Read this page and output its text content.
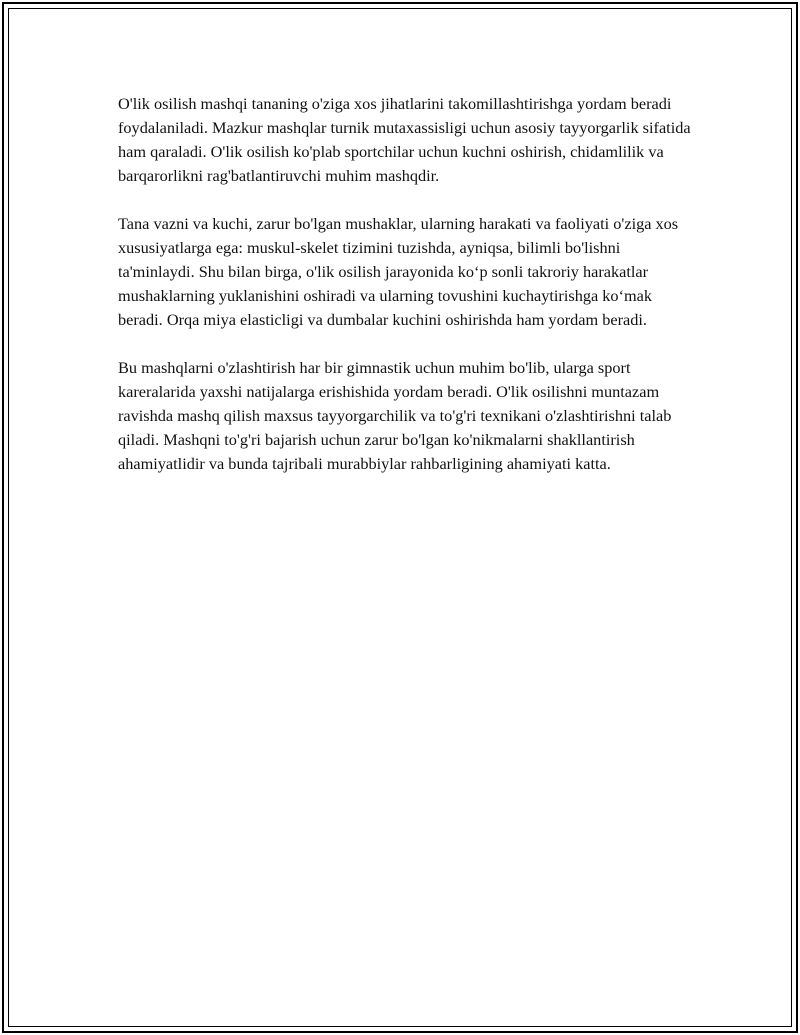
O'lik osilish mashqi tananing o'ziga xos jihatlarini takomillashtirishga yordam beradi foydalaniladi. Mazkur mashqlar turnik mutaxassisligi uchun asosiy tayyorgarlik sifatida ham qaraladi. O'lik osilish ko'plab sportchilar uchun kuchni oshirish, chidamlilik va barqarorlikni rag'batlantiruvchi muhim mashqdir.

Tana vazni va kuchi, zarur bo'lgan mushaklar, ularning harakati va faoliyati o'ziga xos xususiyatlarga ega: muskul-skelet tizimini tuzishda, ayniqsa, bilimli bo'lishni ta'minlaydi. Shu bilan birga, o'lik osilish jarayonida ko‘p sonli takroriy harakatlar mushaklarning yuklanishini oshiradi va ularning tovushini kuchaytirishga ko‘mak beradi. Orqa miya elasticligi va dumbalar kuchini oshirishda ham yordam beradi.

Bu mashqlarni o'zlashtirish har bir gimnastik uchun muhim bo'lib, ularga sport kareralarida yaxshi natijalarga erishishida yordam beradi. O'lik osilishni muntazam ravishda mashq qilish maxsus tayyorgarchilik va to'g'ri texnikani o'zlashtirishni talab qiladi. Mashqni to'g'ri bajarish uchun zarur bo'lgan ko'nikmalarni shakllantirish ahamiyatlidir va bunda tajribali murabbiylar rahbarligining ahamiyati katta.
